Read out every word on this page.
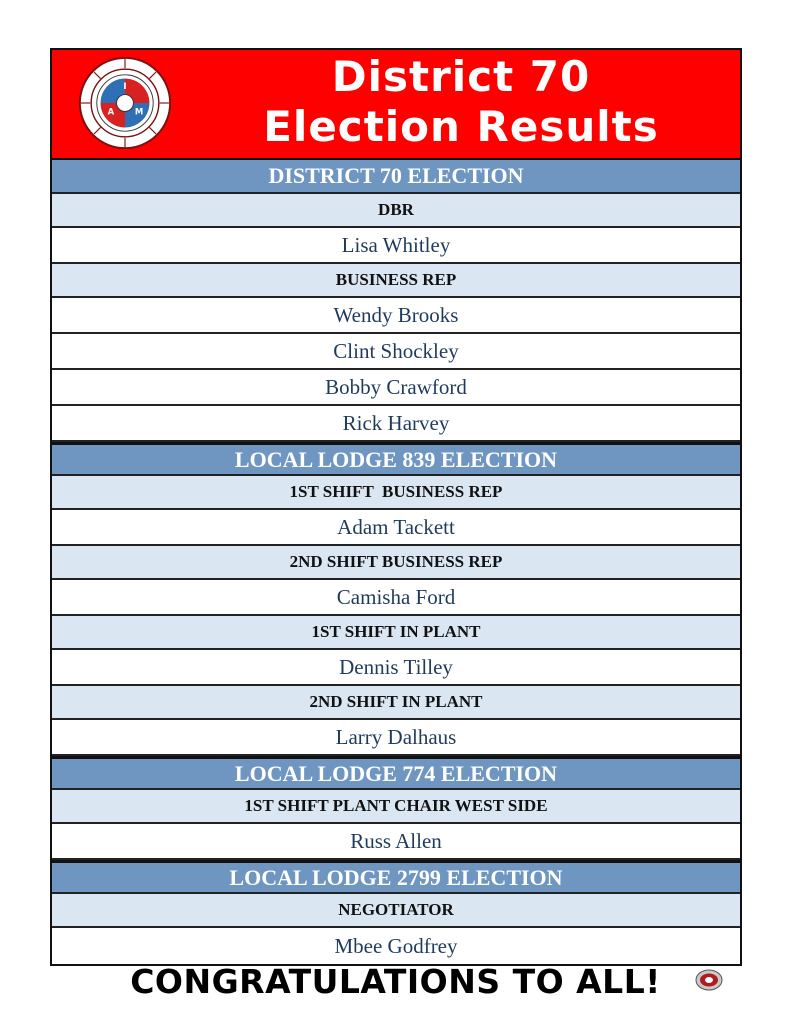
I
A M
District 70
Election Results
DISTRICT 70 ELECTION
DBR
Lisa Whitley
BUSINESS REP
Wendy Brooks
Clint Shockley
Bobby Crawford
Rick Harvey
LOCAL LODGE 839 ELECTION
1ST SHIFT  BUSINESS REP
Adam Tackett
2ND SHIFT BUSINESS REP
Camisha Ford
1ST SHIFT IN PLANT
Dennis Tilley
2ND SHIFT IN PLANT
Larry Dalhaus
LOCAL LODGE 774 ELECTION
1ST SHIFT PLANT CHAIR WEST SIDE
Russ Allen
LOCAL LODGE 2799 ELECTION
NEGOTIATOR
Mbee Godfrey
CONGRATULATIONS TO ALL!
